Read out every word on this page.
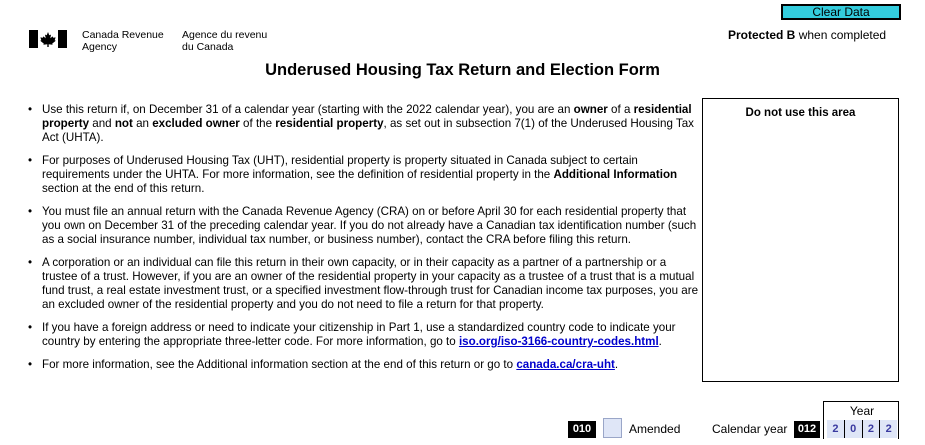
Clear Data
Protected B when completed
Canada Revenue
Agency
Agence du revenu
du Canada
Underused Housing Tax Return and Election Form
• Use this return if, on December 31 of a calendar year (starting with the 2022 calendar year), you are an owner of a residential property and not an excluded owner of the residential property, as set out in subsection 7(1) of the Underused Housing Tax Act (UHTA).
• For purposes of Underused Housing Tax (UHT), residential property is property situated in Canada subject to certain requirements under the UHTA. For more information, see the definition of residential property in the Additional Information section at the end of this return.
• You must file an annual return with the Canada Revenue Agency (CRA) on or before April 30 for each residential property that you own on December 31 of the preceding calendar year. If you do not already have a Canadian tax identification number (such as a social insurance number, individual tax number, or business number), contact the CRA before filing this return.
• A corporation or an individual can file this return in their own capacity, or in their capacity as a partner of a partnership or a trustee of a trust. However, if you are an owner of the residential property in your capacity as a trustee of a trust that is a mutual fund trust, a real estate investment trust, or a specified investment flow-through trust for Canadian income tax purposes, you are an excluded owner of the residential property and you do not need to file a return for that property.
• If you have a foreign address or need to indicate your citizenship in Part 1, use a standardized country code to indicate your country by entering the appropriate three-letter code. For more information, go to iso.org/iso-3166-country-codes.html.
• For more information, see the Additional information section at the end of this return or go to canada.ca/cra-uht.
Do not use this area
010	Amended	Calendar year 012
Year
2	0	2	2
